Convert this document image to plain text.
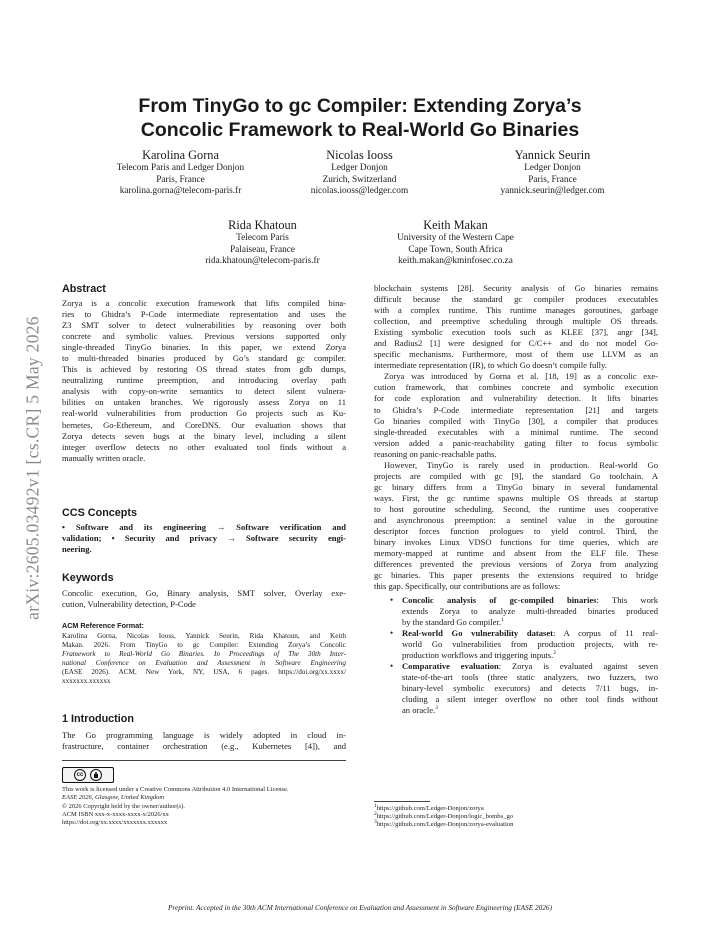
arXiv:2605.03492v1 [cs.CR] 5 May 2026
From TinyGo to gc Compiler: Extending Zorya’s
Concolic Framework to Real-World Go Binaries
Karolina Gorna
Telecom Paris and Ledger Donjon
Paris, France
karolina.gorna@telecom-paris.fr
Nicolas Iooss
Ledger Donjon
Zurich, Switzerland
nicolas.iooss@ledger.com
Yannick Seurin
Ledger Donjon
Paris, France
yannick.seurin@ledger.com
Rida Khatoun
Telecom Paris
Palaiseau, France
rida.khatoun@telecom-paris.fr
Keith Makan
University of the Western Cape
Cape Town, South Africa
keith.makan@kminfosec.co.za
Abstract
Zorya is a concolic execution framework that lifts compiled bina-
ries to Ghidra’s P-Code intermediate representation and uses the
Z3 SMT solver to detect vulnerabilities by reasoning over both
concrete and symbolic values. Previous versions supported only
single-threaded TinyGo binaries. In this paper, we extend Zorya
to multi-threaded binaries produced by Go’s standard gc compiler.
This is achieved by restoring OS thread states from gdb dumps,
neutralizing runtime preemption, and introducing overlay path
analysis with copy-on-write semantics to detect silent vulnera-
bilities on untaken branches. We rigorously assess Zorya on 11
real-world vulnerabilities from production Go projects such as Ku-
bernetes, Go-Ethereum, and CoreDNS. Our evaluation shows that
Zorya detects seven bugs at the binary level, including a silent
integer overflow detects no other evaluated tool finds without a
manually written oracle.
CCS Concepts
• Software and its engineering → Software verification and
validation; • Security and privacy → Software security engi-
neering.
Keywords
Concolic execution, Go, Binary analysis, SMT solver, Overlay exe-
cution, Vulnerability detection, P-Code
ACM Reference Format:
Karolina Gorna, Nicolas Iooss, Yannick Seurin, Rida Khatoun, and Keith
Makan. 2026. From TinyGo to gc Compiler: Extending Zorya’s Concolic
Framework to Real-World Go Binaries. In Proceedings of The 30th Inter-
national Conference on Evaluation and Assessment in Software Engineering
(EASE 2026). ACM, New York, NY, USA, 6 pages. https://doi.org/xx.xxxx/
xxxxxxx.xxxxxx
1 Introduction
The Go programming language is widely adopted in cloud in-
frastructure, container orchestration (e.g., Kubernetes [4]), and
cc
This work is licensed under a Creative Commons Attribution 4.0 International License.
EASE 2026, Glasgow, United Kingdom
© 2026 Copyright held by the owner/author(s).
ACM ISBN xxx-x-xxxx-xxxx-x/2026/xx
https://doi.org/xx.xxxx/xxxxxxx.xxxxxx
blockchain systems [28]. Security analysis of Go binaries remains
difficult because the standard gc compiler produces executables
with a complex runtime. This runtime manages goroutines, garbage
collection, and preemptive scheduling through multiple OS threads.
Existing symbolic execution tools such as KLEE [37], angr [34],
and Radius2 [1] were designed for C/C++ and do not model Go-
specific mechanisms. Furthermore, most of them use LLVM as an
intermediate representation (IR), to which Go doesn’t compile fully.
Zorya was introduced by Gorna et al. [18, 19] as a concolic exe-
cution framework, that combines concrete and symbolic execution
for code exploration and vulnerability detection. It lifts binaries
to Ghidra’s P-Code intermediate representation [21] and targets
Go binaries compiled with TinyGo [30], a compiler that produces
single-threaded executables with a minimal runtime. The second
version added a panic-reachability gating filter to focus symbolic
reasoning on panic-reachable paths.
However, TinyGo is rarely used in production. Real-world Go
projects are compiled with gc [9], the standard Go toolchain. A
gc binary differs from a TinyGo binary in several fundamental
ways. First, the gc runtime spawns multiple OS threads at startup
to host goroutine scheduling. Second, the runtime uses cooperative
and asynchronous preemption: a sentinel value in the goroutine
descriptor forces function prologues to yield control. Third, the
binary invokes Linux VDSO functions for time queries, which are
memory-mapped at runtime and absent from the ELF file. These
differences prevented the previous versions of Zorya from analyzing
gc binaries. This paper presents the extensions required to bridge
this gap. Specifically, our contributions are as follows:
• Concolic analysis of gc-compiled binaries: This work
extends Zorya to analyze multi-threaded binaries produced
by the standard Go compiler.$^1$
• Real-world Go vulnerability dataset: A corpus of 11 real-
world Go vulnerabilities from production projects, with re-
production workflows and triggering inputs.$^2$
• Comparative evaluation: Zorya is evaluated against seven
state-of-the-art tools (three static analyzers, two fuzzers, two
binary-level symbolic executors) and detects 7/11 bugs, in-
cluding a silent integer overflow no other tool finds without
an oracle.$^3$
$^1$https://github.com/Ledger-Donjon/zorya
$^2$https://github.com/Ledger-Donjon/logic_bombs_go
$^3$https://github.com/Ledger-Donjon/zorya-evaluation
Preprint. Accepted in the 30th ACM International Conference on Evaluation and Assessment in Software Engineering (EASE 2026)
